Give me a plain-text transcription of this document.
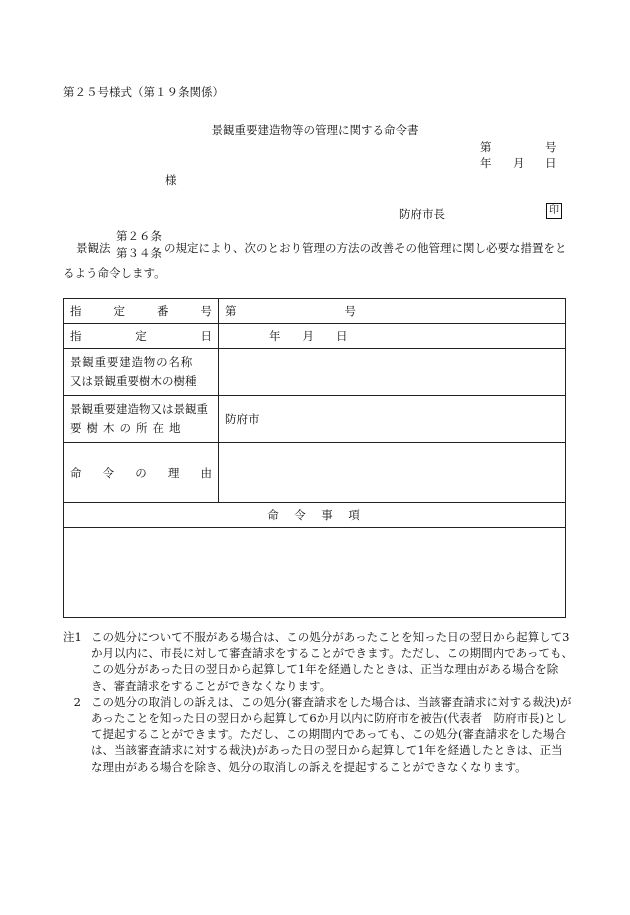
第２５号様式（第１９条関係）
景観重要建造物等の管理に関する命令書
第	号
年 月 日
様
防府市長	印
景観法
第２６条
第３４条 の規定により、次のとおり管理の方法の改善その他管理に関し必要な措置をと
るよう命令します。
指 定 番 号	第 号

指 定 日	年 月 日

景観重要建造物の名称
又は景観重要樹木の樹種	

景観重要建造物又は景観重
要樹木の所在地	防府市

命 令 の 理 由	

命　令　事　項	

注1 この処分について不服がある場合は、この処分があったことを知った日の翌日から起算して3か月以内に、市長に対して審査請求をすることができます。ただし、この期間内であっても、この処分があった日の翌日から起算して1年を経過したときは、正当な理由がある場合を除き、審査請求をすることができなくなります。
2 この処分の取消しの訴えは、この処分(審査請求をした場合は、当該審査請求に対する裁決)があったことを知った日の翌日から起算して6か月以内に防府市を被告(代表者　防府市長)として提起することができます。ただし、この期間内であっても、この処分(審査請求をした場合は、当該審査請求に対する裁決)があった日の翌日から起算して1年を経過したときは、正当な理由がある場合を除き、処分の取消しの訴えを提起することができなくなります。
